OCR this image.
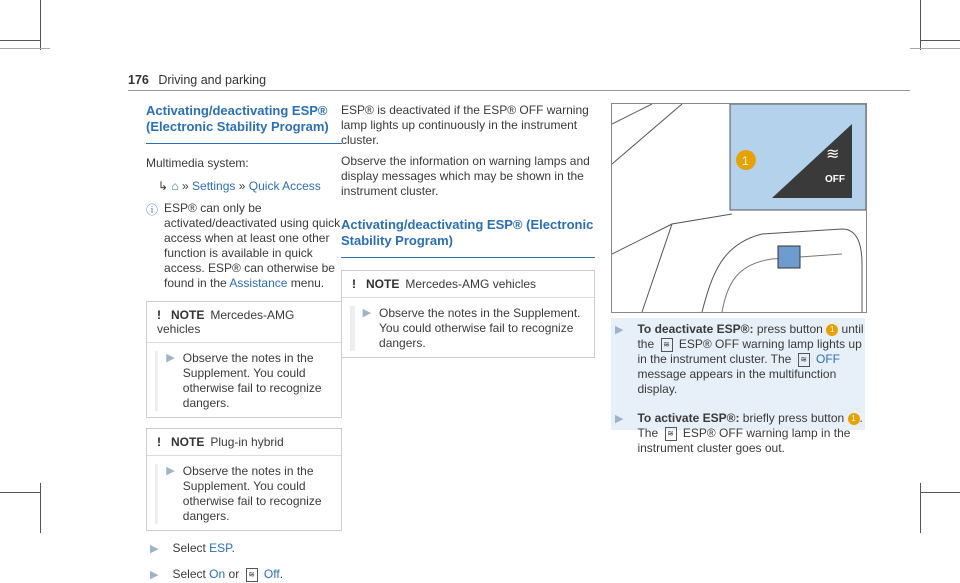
176 Driving and parking
Activating/deactivating ESP® (Electronic Stability Program)

Multimedia system:

↳ ⌂ » Settings » Quick Access
ⓘ ESP® can only be activated/deactivated using quick access when at least one other function is available in quick access. ESP® can otherwise be found in the Assistance menu.

! NOTE Mercedes-AMG vehicles
▶ Observe the notes in the Supplement. You could otherwise fail to recognize dangers.

! NOTE Plug-in hybrid
▶ Observe the notes in the Supplement. You could otherwise fail to recognize dangers.

▶ Select ESP.
▶ Select On or ≋ Off.

ESP® is deactivated if the ESP® OFF warning lamp lights up continuously in the instrument cluster.

Observe the information on warning lamps and display messages which may be shown in the instrument cluster.

Activating/deactivating ESP® (Electronic Stability Program)
! NOTE Mercedes-AMG vehicles
▶ Observe the notes in the Supplement. You could otherwise fail to recognize dangers.

OFF
≋
1
▶ To deactivate ESP®: press button 1 until the ≋ ESP® OFF warning lamp lights up in the instrument cluster. The ≋ OFF message appears in the multifunction display.
▶ To activate ESP®: briefly press button 1 .
The ≋ ESP® OFF warning lamp in the instrument cluster goes out.
